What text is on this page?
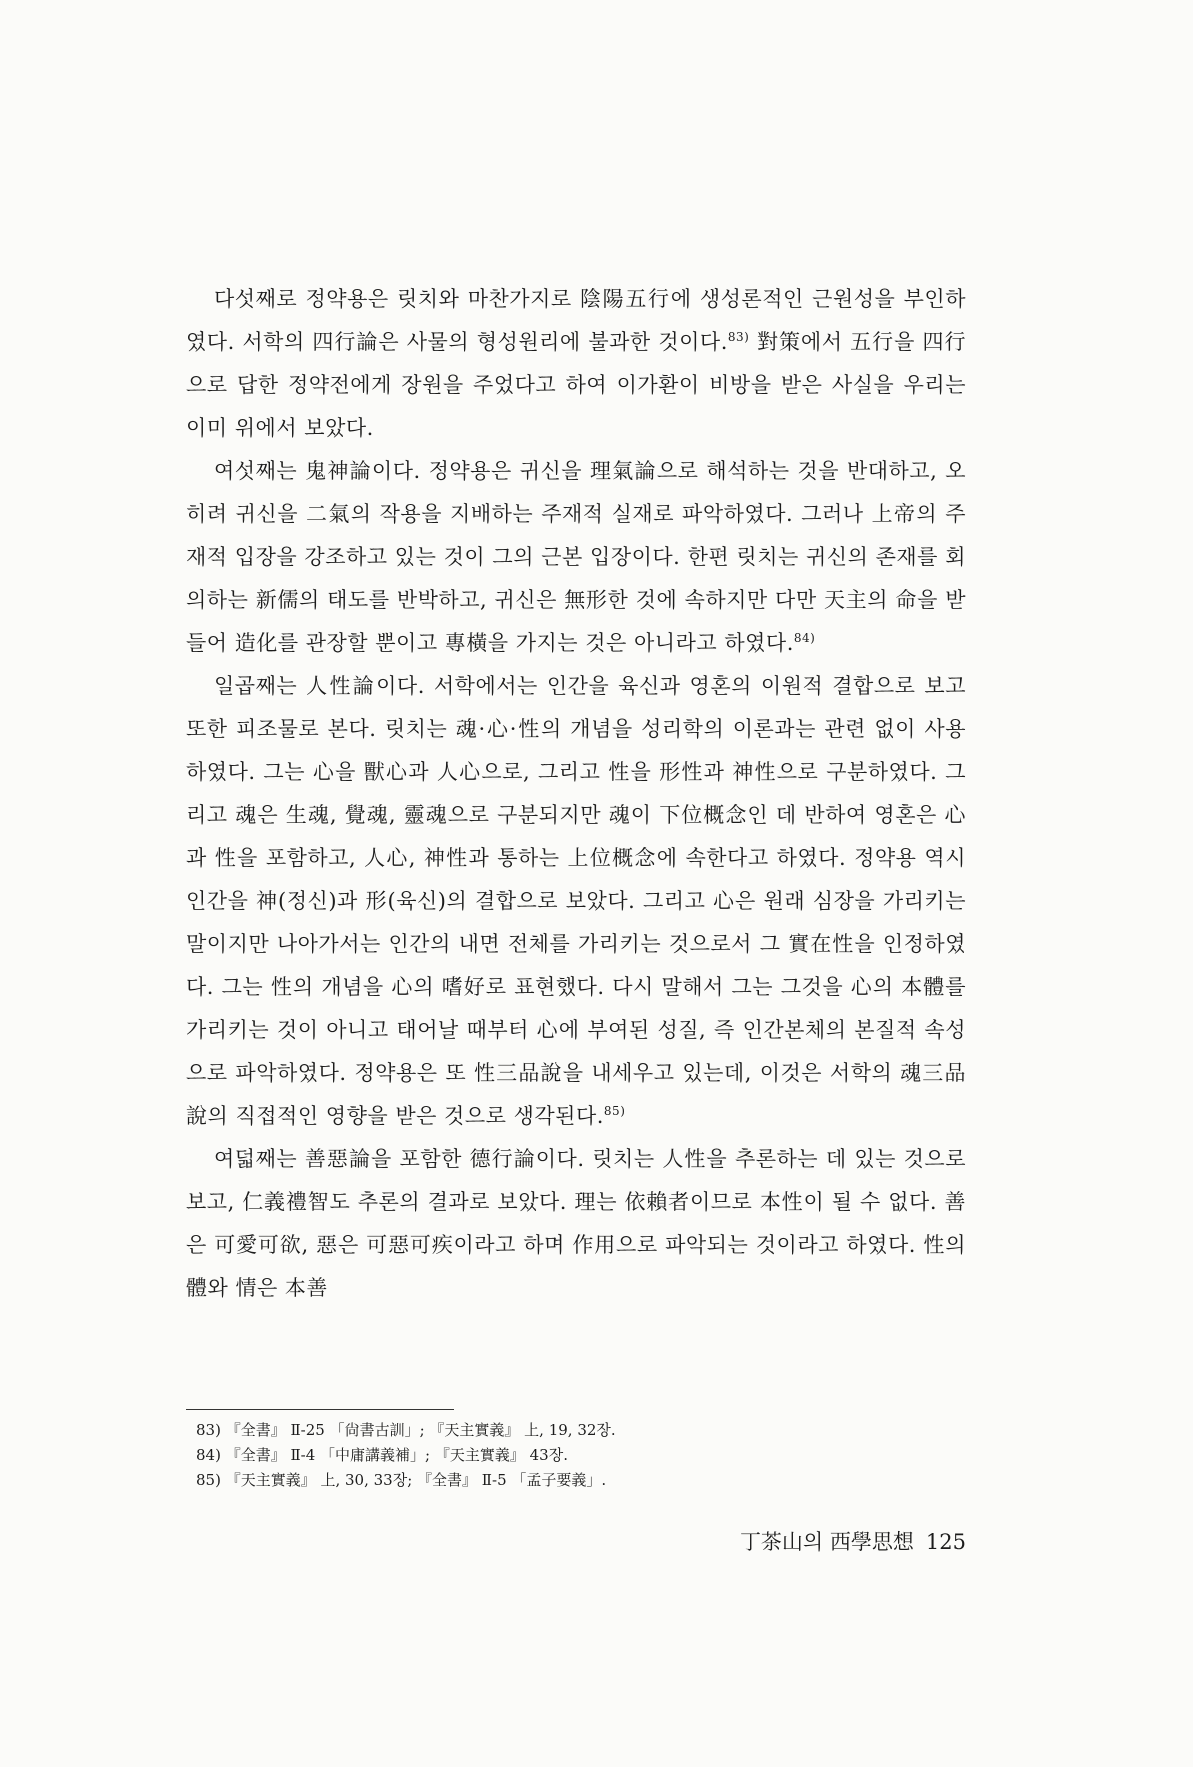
다섯째로 정약용은 릿치와 마찬가지로 陰陽五行에 생성론적인 근원성을 부인하였다. 서학의 四行論은 사물의 형성원리에 불과한 것이다.$^{83)}$ 對策에서 五行을 四行으로 답한 정약전에게 장원을 주었다고 하여 이가환이 비방을 받은 사실을 우리는 이미 위에서 보았다.

여섯째는 鬼神論이다. 정약용은 귀신을 理氣論으로 해석하는 것을 반대하고, 오히려 귀신을 二氣의 작용을 지배하는 주재적 실재로 파악하였다. 그러나 上帝의 주재적 입장을 강조하고 있는 것이 그의 근본 입장이다. 한편 릿치는 귀신의 존재를 회의하는 新儒의 태도를 반박하고, 귀신은 無形한 것에 속하지만 다만 天主의 命을 받들어 造化를 관장할 뿐이고 專橫을 가지는 것은 아니라고 하였다.$^{84)}$

일곱째는 人性論이다. 서학에서는 인간을 육신과 영혼의 이원적 결합으로 보고 또한 피조물로 본다. 릿치는 魂·心·性의 개념을 성리학의 이론과는 관련 없이 사용하였다. 그는 心을 獸心과 人心으로, 그리고 性을 形性과 神性으로 구분하였다. 그리고 魂은 生魂, 覺魂, 靈魂으로 구분되지만 魂이 下位概念인 데 반하여 영혼은 心과 性을 포함하고, 人心, 神性과 통하는 上位概念에 속한다고 하였다. 정약용 역시 인간을 神(정신)과 形(육신)의 결합으로 보았다. 그리고 心은 원래 심장을 가리키는 말이지만 나아가서는 인간의 내면 전체를 가리키는 것으로서 그 實在性을 인정하였다. 그는 性의 개념을 心의 嗜好로 표현했다. 다시 말해서 그는 그것을 心의 本體를 가리키는 것이 아니고 태어날 때부터 心에 부여된 성질, 즉 인간본체의 본질적 속성으로 파악하였다. 정약용은 또 性三品說을 내세우고 있는데, 이것은 서학의 魂三品說의 직접적인 영향을 받은 것으로 생각된다.$^{85)}$

여덟째는 善惡論을 포함한 德行論이다. 릿치는 人性을 추론하는 데 있는 것으로 보고, 仁義禮智도 추론의 결과로 보았다. 理는 依賴者이므로 本性이 될 수 없다. 善은 可愛可欲, 惡은 可惡可疾이라고 하며 作用으로 파악되는 것이라고 하였다. 性의 體와 情은 本善

83) 『全書』 Ⅱ-25 「尙書古訓」; 『天主實義』 上, 19, 32장.

84) 『全書』 Ⅱ-4 「中庸講義補」; 『天主實義』 43장.

85) 『天主實義』 上, 30, 33장; 『全書』 Ⅱ-5 「孟子要義」.

丁茶山의 西學思想 125
